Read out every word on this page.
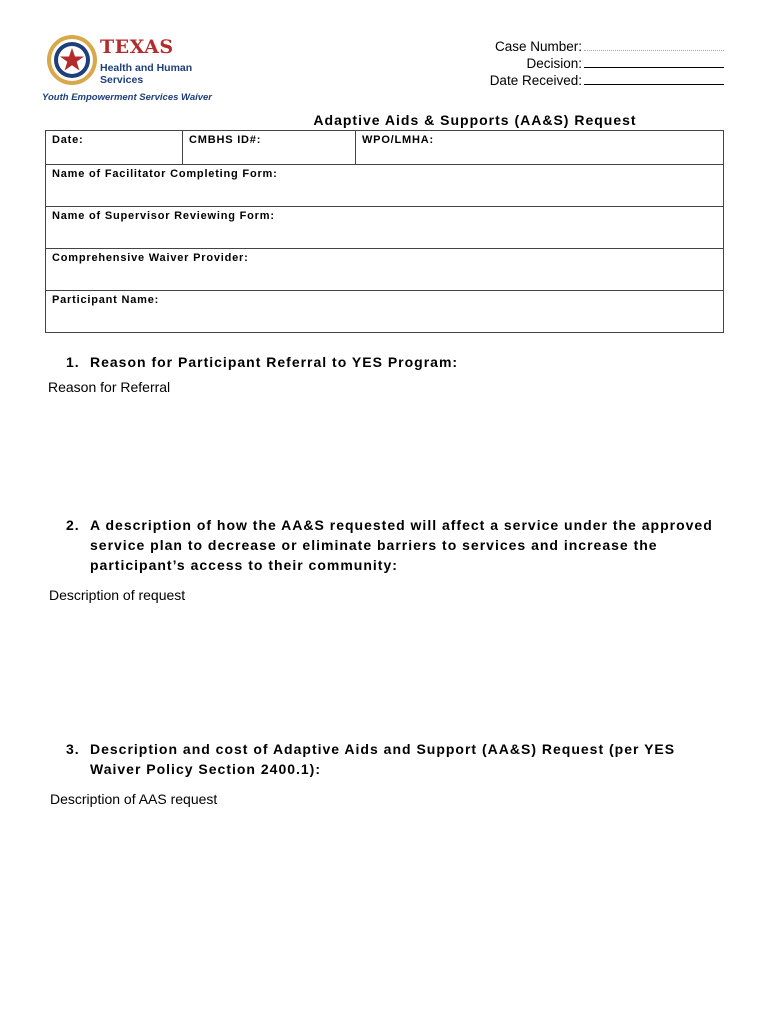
TEXAS
Health and Human
Services
Youth Empowerment Services Waiver
Case Number:
Decision:
Date Received:
Adaptive Aids & Supports (AA&S) Request
Date:	CMBHS ID#:	WPO/LMHA:
Name of Facilitator Completing Form:
Name of Supervisor Reviewing Form:
Comprehensive Waiver Provider:
Participant Name:
1. Reason for Participant Referral to YES Program:
Reason for Referral
2. A description of how the AA&S requested will affect a service under the approved service plan to decrease or eliminate barriers to services and increase the participant’s access to their community:
Description of request
3. Description and cost of Adaptive Aids and Support (AA&S) Request (per YES Waiver Policy Section 2400.1):
Description of AAS request
